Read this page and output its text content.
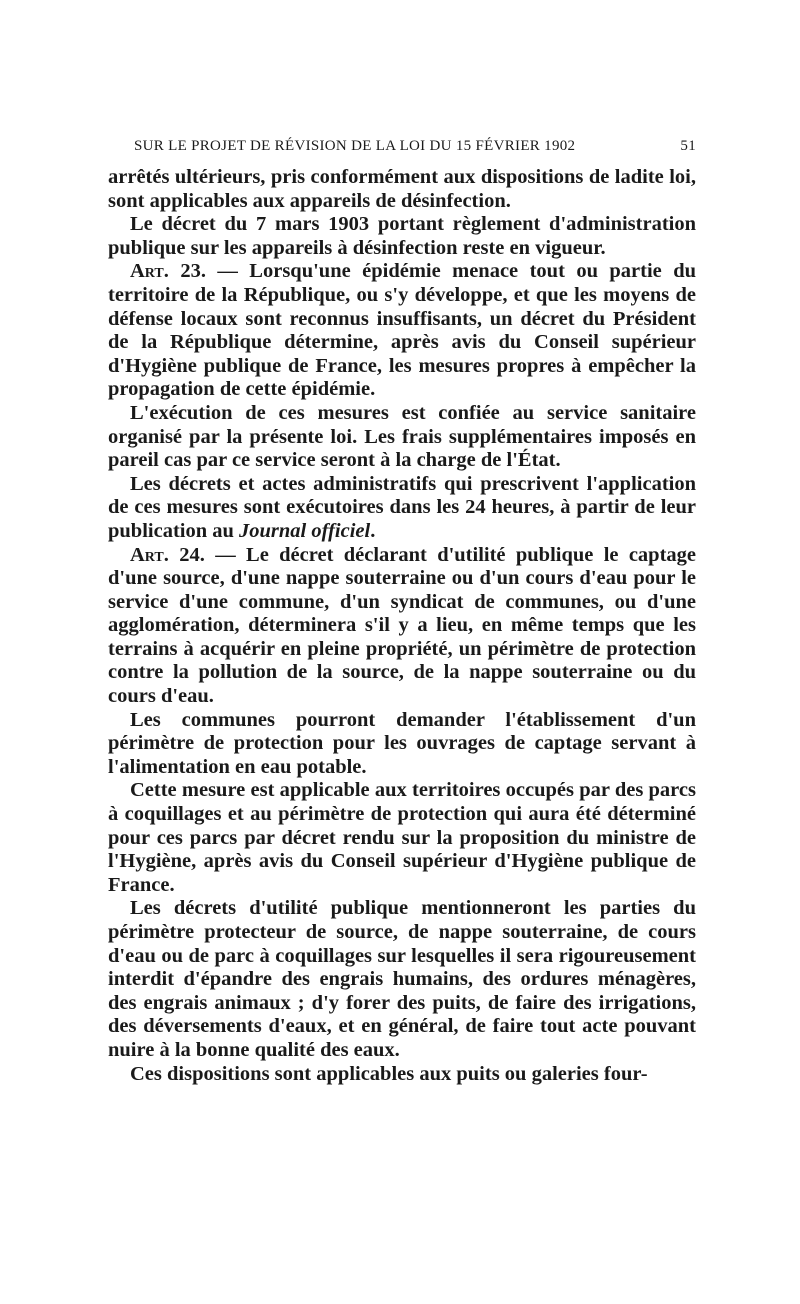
SUR LE PROJET DE RÉVISION DE LA LOI DU 15 FÉVRIER 1902	51

arrêtés ultérieurs, pris conformément aux dispositions de ladite loi, sont applicables aux appareils de désinfection.

Le décret du 7 mars 1903 portant règlement d'administration publique sur les appareils à désinfection reste en vigueur.

Art. 23. — Lorsqu'une épidémie menace tout ou partie du territoire de la République, ou s'y développe, et que les moyens de défense locaux sont reconnus insuffisants, un décret du Président de la République détermine, après avis du Conseil supérieur d'Hygiène publique de France, les mesures propres à empêcher la propagation de cette épidémie.

L'exécution de ces mesures est confiée au service sanitaire organisé par la présente loi. Les frais supplémentaires imposés en pareil cas par ce service seront à la charge de l'État.

Les décrets et actes administratifs qui prescrivent l'application de ces mesures sont exécutoires dans les 24 heures, à partir de leur publication au Journal officiel.

Art. 24. — Le décret déclarant d'utilité publique le captage d'une source, d'une nappe souterraine ou d'un cours d'eau pour le service d'une commune, d'un syndicat de communes, ou d'une agglomération, déterminera s'il y a lieu, en même temps que les terrains à acquérir en pleine propriété, un périmètre de protection contre la pollution de la source, de la nappe souterraine ou du cours d'eau.

Les communes pourront demander l'établissement d'un périmètre de protection pour les ouvrages de captage servant à l'alimentation en eau potable.

Cette mesure est applicable aux territoires occupés par des parcs à coquillages et au périmètre de protection qui aura été déterminé pour ces parcs par décret rendu sur la proposition du ministre de l'Hygiène, après avis du Conseil supérieur d'Hygiène publique de France.

Les décrets d'utilité publique mentionneront les parties du périmètre protecteur de source, de nappe souterraine, de cours d'eau ou de parc à coquillages sur lesquelles il sera rigoureusement interdit d'épandre des engrais humains, des ordures ménagères, des engrais animaux ; d'y forer des puits, de faire des irrigations, des déversements d'eaux, et en général, de faire tout acte pouvant nuire à la bonne qualité des eaux.

Ces dispositions sont applicables aux puits ou galeries four-
